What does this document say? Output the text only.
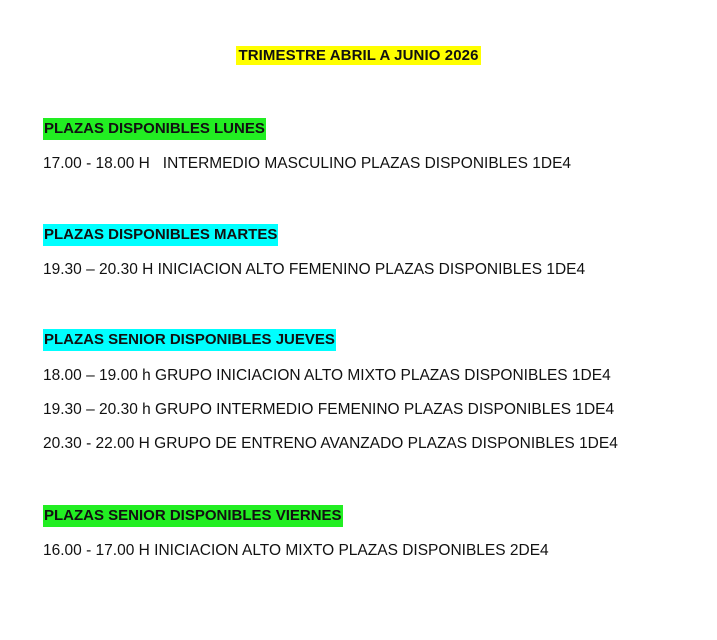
TRIMESTRE ABRIL A JUNIO 2026

PLAZAS DISPONIBLES LUNES

17.00 - 18.00 H   INTERMEDIO MASCULINO PLAZAS DISPONIBLES 1DE4

PLAZAS DISPONIBLES MARTES

19.30 – 20.30 H INICIACION ALTO FEMENINO PLAZAS DISPONIBLES 1DE4

PLAZAS SENIOR DISPONIBLES JUEVES

18.00 – 19.00 h GRUPO INICIACION ALTO MIXTO PLAZAS DISPONIBLES 1DE4

19.30 – 20.30 h GRUPO INTERMEDIO FEMENINO PLAZAS DISPONIBLES 1DE4

20.30 - 22.00 H GRUPO DE ENTRENO AVANZADO PLAZAS DISPONIBLES 1DE4

PLAZAS SENIOR DISPONIBLES VIERNES

16.00 - 17.00 H INICIACION ALTO MIXTO PLAZAS DISPONIBLES 2DE4
